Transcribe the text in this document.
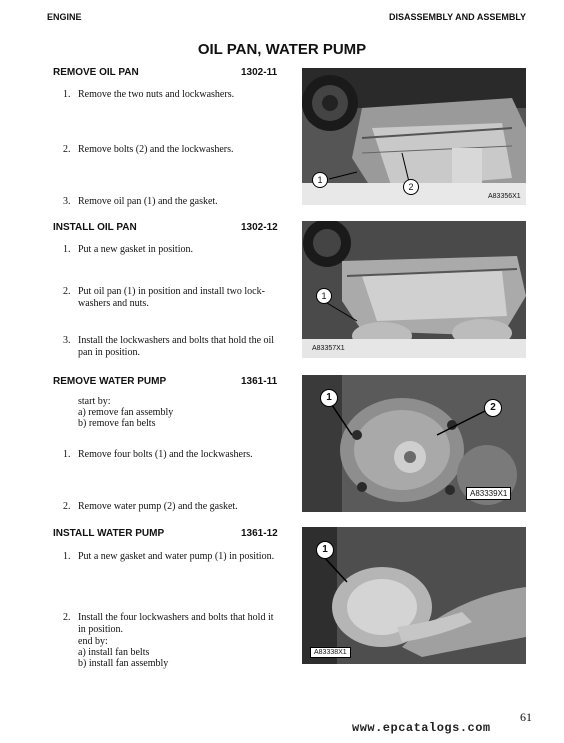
ENGINE	DISASSEMBLY AND ASSEMBLY
OIL PAN, WATER PUMP
REMOVE OIL PAN	1302-11
1. Remove the two nuts and lockwashers.
2. Remove bolts (2) and the lockwashers.
3. Remove oil pan (1) and the gasket.
1
2
A83356X1
INSTALL OIL PAN	1302-12
1. Put a new gasket in position.
2. Put oil pan (1) in position and install two lock-
washers and nuts.
3. Install the lockwashers and bolts that hold the oil
pan in position.
1
A83357X1
REMOVE WATER PUMP	1361-11
start by:
a) remove fan assembly
b) remove fan belts
1. Remove four bolts (1) and the lockwashers.
2. Remove water pump (2) and the gasket.
1
2
A83339X1
INSTALL WATER PUMP	1361-12
1. Put a new gasket and water pump (1) in position.
2. Install the four lockwashers and bolts that hold it
in position.
end by:
a) install fan belts
b) install fan assembly
1
A83338X1
61
www.epcatalogs.com
